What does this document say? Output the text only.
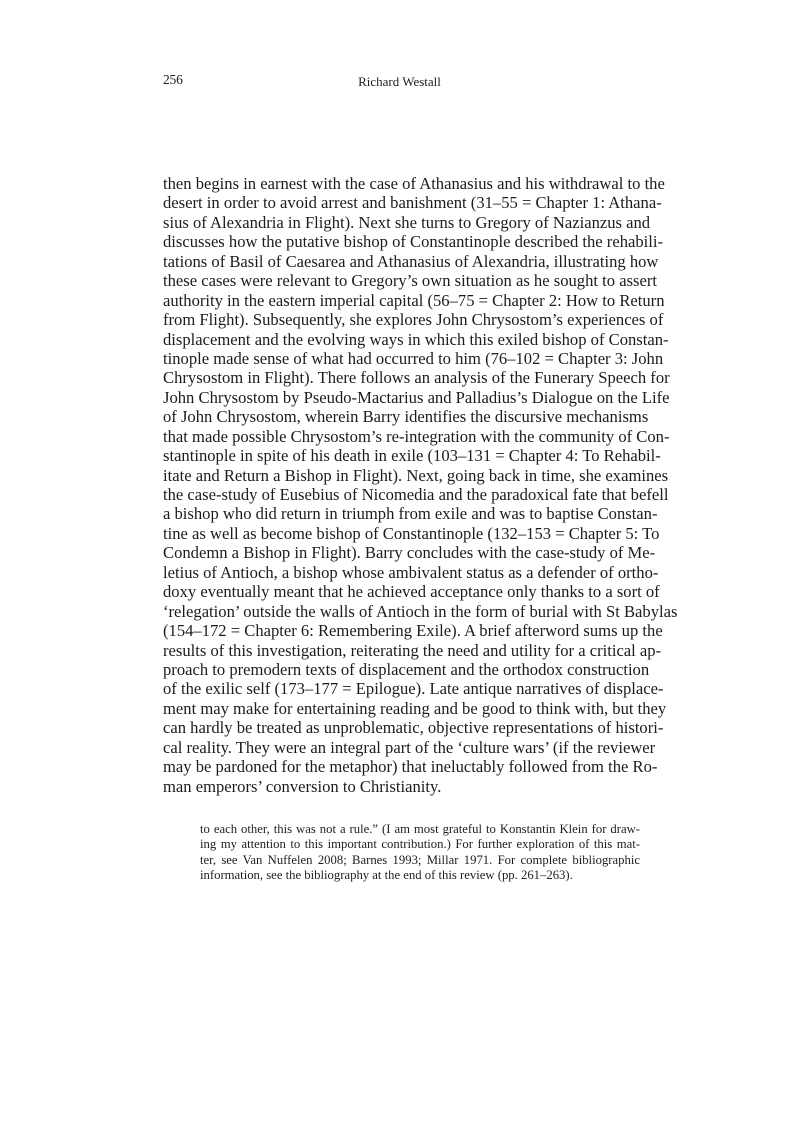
256	Richard Westall
then begins in earnest with the case of Athanasius and his withdrawal to the
desert in order to avoid arrest and banishment (31–55 = Chapter 1: Athana-
sius of Alexandria in Flight). Next she turns to Gregory of Nazianzus and
discusses how the putative bishop of Constantinople described the rehabili-
tations of Basil of Caesarea and Athanasius of Alexandria, illustrating how
these cases were relevant to Gregory’s own situation as he sought to assert
authority in the eastern imperial capital (56–75 = Chapter 2: How to Return
from Flight). Subsequently, she explores John Chrysostom’s experiences of
displacement and the evolving ways in which this exiled bishop of Constan-
tinople made sense of what had occurred to him (76–102 = Chapter 3: John
Chrysostom in Flight). There follows an analysis of the Funerary Speech for
John Chrysostom by Pseudo-Mactarius and Palladius’s Dialogue on the Life
of John Chrysostom, wherein Barry identifies the discursive mechanisms
that made possible Chrysostom’s re-integration with the community of Con-
stantinople in spite of his death in exile (103–131 = Chapter 4: To Rehabil-
itate and Return a Bishop in Flight). Next, going back in time, she examines
the case-study of Eusebius of Nicomedia and the paradoxical fate that befell
a bishop who did return in triumph from exile and was to baptise Constan-
tine as well as become bishop of Constantinople (132–153 = Chapter 5: To
Condemn a Bishop in Flight). Barry concludes with the case-study of Me-
letius of Antioch, a bishop whose ambivalent status as a defender of ortho-
doxy eventually meant that he achieved acceptance only thanks to a sort of
‘relegation’ outside the walls of Antioch in the form of burial with St Babylas
(154–172 = Chapter 6: Remembering Exile). A brief afterword sums up the
results of this investigation, reiterating the need and utility for a critical ap-
proach to premodern texts of displacement and the orthodox construction
of the exilic self (173–177 = Epilogue). Late antique narratives of displace-
ment may make for entertaining reading and be good to think with, but they
can hardly be treated as unproblematic, objective representations of histori-
cal reality. They were an integral part of the ‘culture wars’ (if the reviewer
may be pardoned for the metaphor) that ineluctably followed from the Ro-
man emperors’ conversion to Christianity.
to each other, this was not a rule.” (I am most grateful to Konstantin Klein for draw-
ing my attention to this important contribution.) For further exploration of this mat-
ter, see Van Nuffelen 2008; Barnes 1993; Millar 1971. For complete bibliographic
information, see the bibliography at the end of this review (pp. 261–263).
